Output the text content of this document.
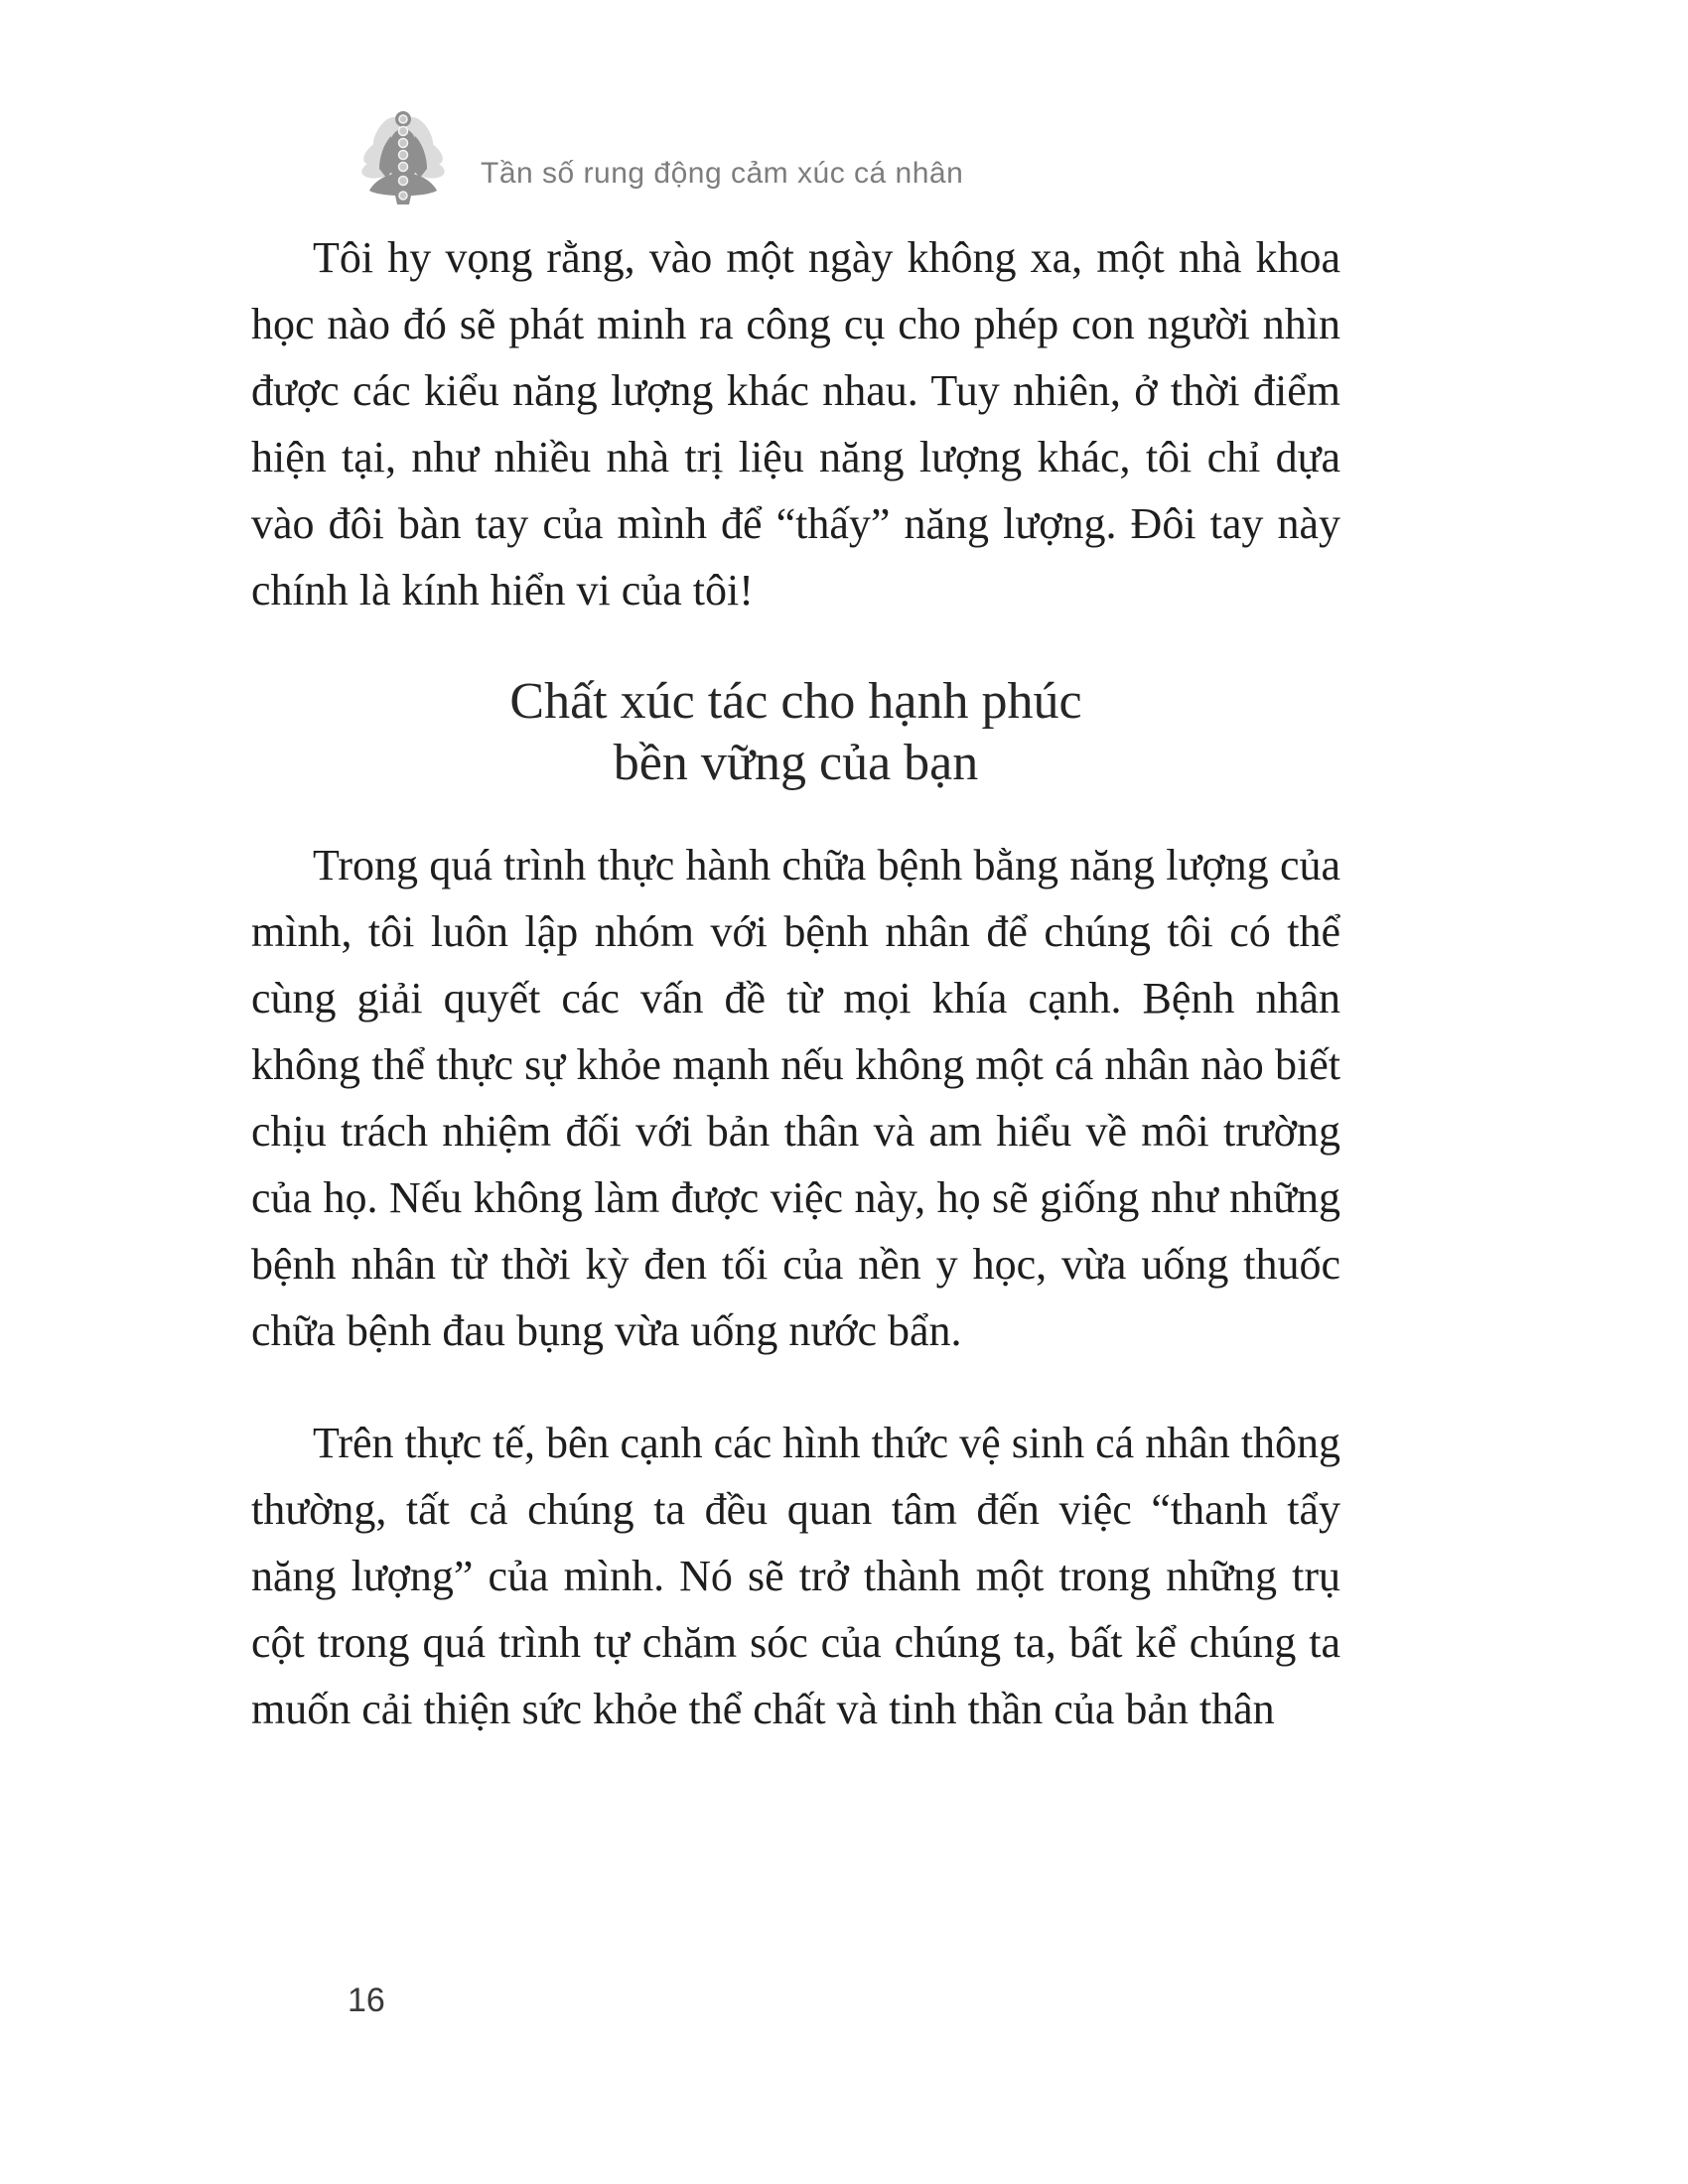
Tần số rung động cảm xúc cá nhân

Tôi hy vọng rằng, vào một ngày không xa, một nhà khoa học nào đó sẽ phát minh ra công cụ cho phép con người nhìn được các kiểu năng lượng khác nhau. Tuy nhiên, ở thời điểm hiện tại, như nhiều nhà trị liệu năng lượng khác, tôi chỉ dựa vào đôi bàn tay của mình để “thấy” năng lượng. Đôi tay này chính là kính hiển vi của tôi!

Chất xúc tác cho hạnh phúc
bền vững của bạn

Trong quá trình thực hành chữa bệnh bằng năng lượng của mình, tôi luôn lập nhóm với bệnh nhân để chúng tôi có thể cùng giải quyết các vấn đề từ mọi khía cạnh. Bệnh nhân không thể thực sự khỏe mạnh nếu không một cá nhân nào biết chịu trách nhiệm đối với bản thân và am hiểu về môi trường của họ. Nếu không làm được việc này, họ sẽ giống như những bệnh nhân từ thời kỳ đen tối của nền y học, vừa uống thuốc chữa bệnh đau bụng vừa uống nước bẩn.

Trên thực tế, bên cạnh các hình thức vệ sinh cá nhân thông thường, tất cả chúng ta đều quan tâm đến việc “thanh tẩy năng lượng” của mình. Nó sẽ trở thành một trong những trụ cột trong quá trình tự chăm sóc của chúng ta, bất kể chúng ta muốn cải thiện sức khỏe thể chất và tinh thần của bản thân

16
